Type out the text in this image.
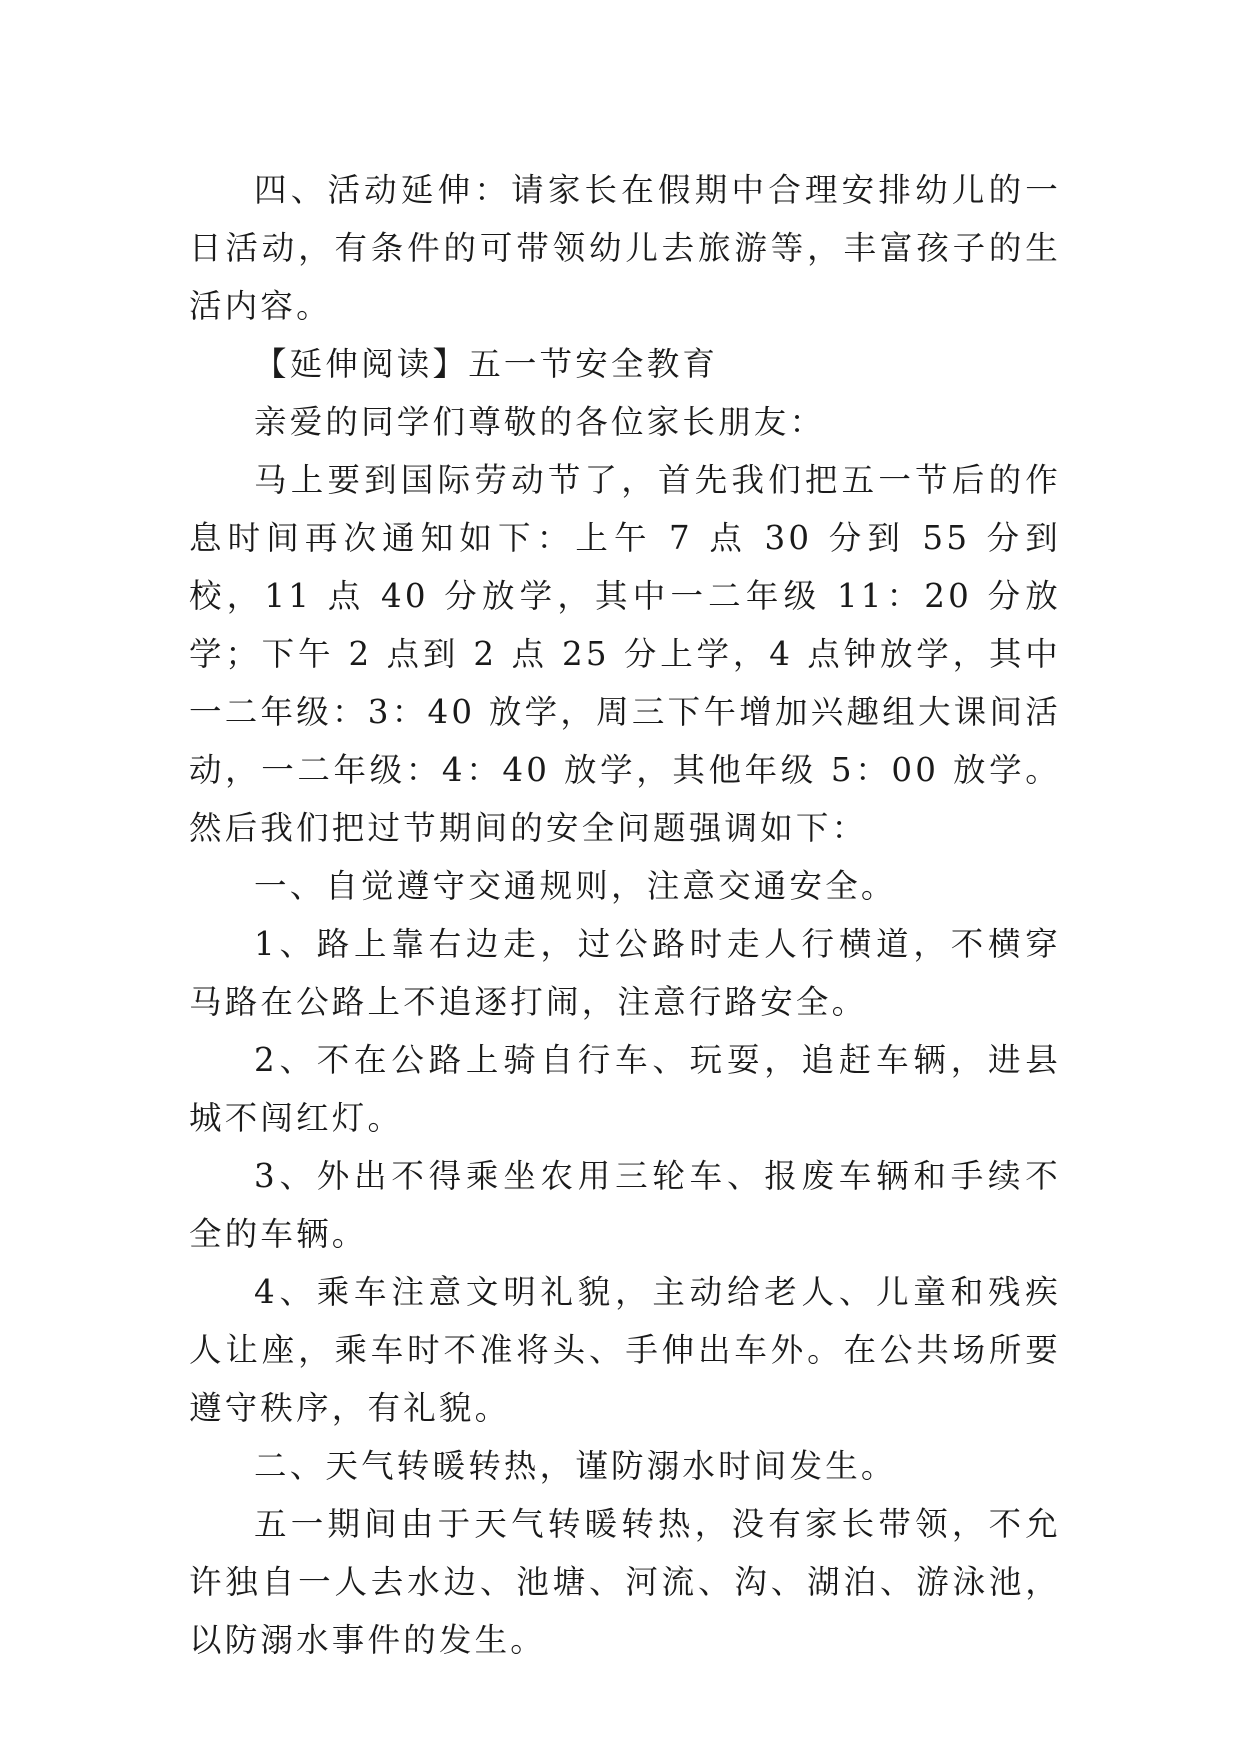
四、活动延伸：请家长在假期中合理安排幼儿的一日活动，有条件的可带领幼儿去旅游等，丰富孩子的生活内容。

【延伸阅读】五一节安全教育

亲爱的同学们尊敬的各位家长朋友：

马上要到国际劳动节了，首先我们把五一节后的作息时间再次通知如下：上午 7 点 30 分到 55 分到校，11 点 40 分放学，其中一二年级 11：20 分放学；下午 2 点到 2 点 25 分上学，4 点钟放学，其中一二年级：3：40 放学，周三下午增加兴趣组大课间活动，一二年级：4：40 放学，其他年级 5：00 放学。然后我们把过节期间的安全问题强调如下：

一、自觉遵守交通规则，注意交通安全。

1、路上靠右边走，过公路时走人行横道，不横穿马路在公路上不追逐打闹，注意行路安全。

2、不在公路上骑自行车、玩耍，追赶车辆，进县城不闯红灯。

3、外出不得乘坐农用三轮车、报废车辆和手续不全的车辆。

4、乘车注意文明礼貌，主动给老人、儿童和残疾人让座，乘车时不准将头、手伸出车外。在公共场所要遵守秩序，有礼貌。

二、天气转暖转热，谨防溺水时间发生。

五一期间由于天气转暖转热，没有家长带领，不允许独自一人去水边、池塘、河流、沟、湖泊、游泳池，以防溺水事件的发生。
